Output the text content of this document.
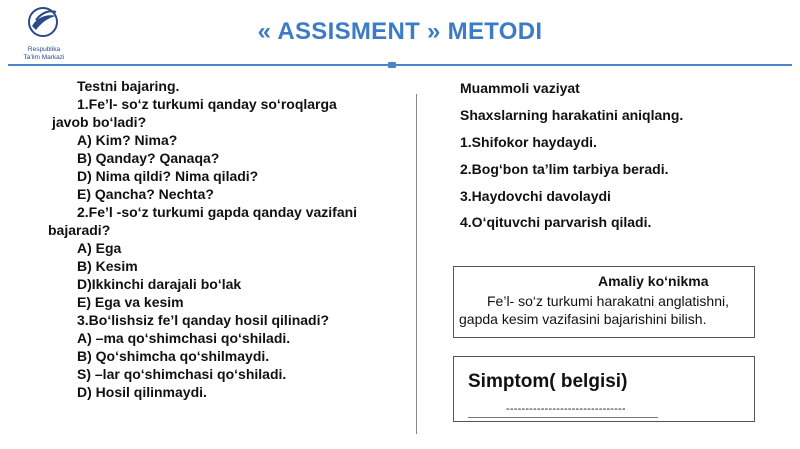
Respublika
Ta'lim Markazi
« ASSISMENT » METODI
Testni bajaring.
1.Fe’l- so‘z turkumi qanday so‘roqlarga
javob bo‘ladi?
A) Kim? Nima?
B) Qanday? Qanaqa?
D) Nima qildi? Nima qiladi?
E) Qancha? Nechta?
2.Fe’l -so‘z turkumi gapda qanday vazifani
bajaradi?
A) Ega
B) Kesim
D)Ikkinchi darajali bo‘lak
E) Ega va kesim
3.Bo‘lishsiz fe’l qanday hosil qilinadi?
A) –ma qo‘shimchasi qo‘shiladi.
B) Qo‘shimcha qo‘shilmaydi.
S) –lar qo‘shimchasi qo‘shiladi.
D) Hosil qilinmaydi.
Muammoli vaziyat
Shaxslarning harakatini aniqlang.
1.Shifokor haydaydi.
2.Bog‘bon ta’lim tarbiya beradi.
3.Haydovchi davolaydi
4.O‘qituvchi parvarish qiladi.
Amaliy ko‘nikma
Fe’l- so‘z turkumi harakatni anglatishni, gapda kesim vazifasini bajarishini bilish.
Simptom( belgisi)
-------------------------------
